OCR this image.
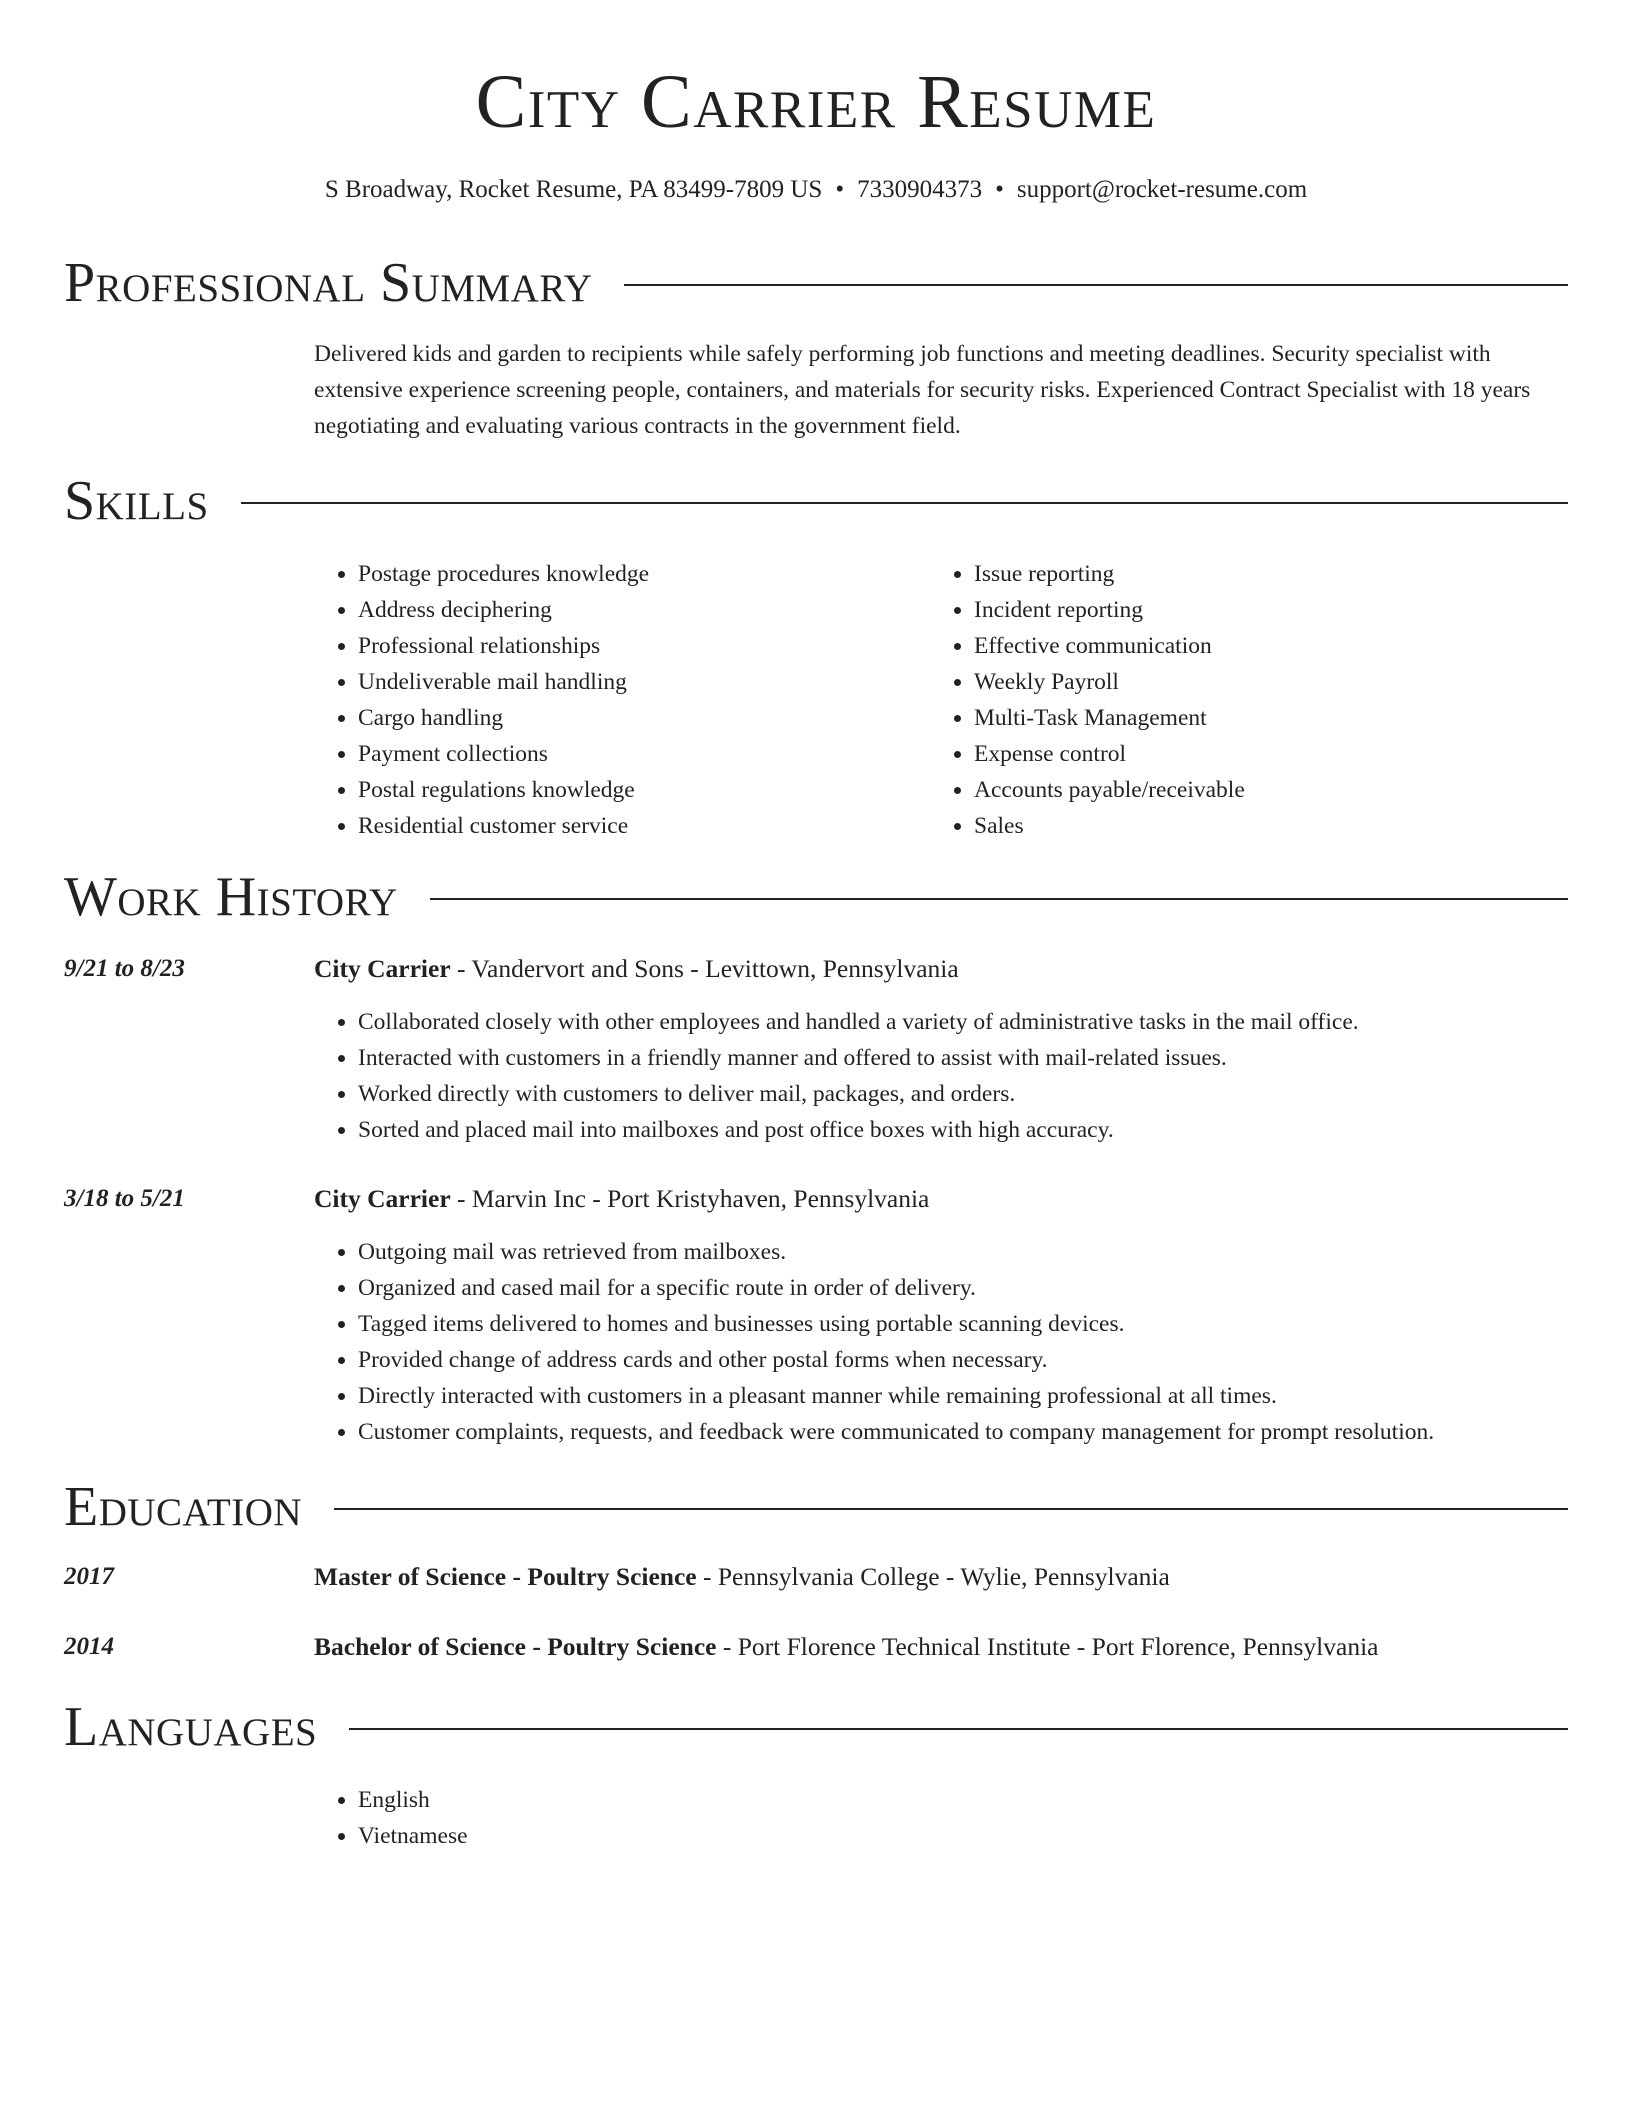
City Carrier Resume
S Broadway, Rocket Resume, PA 83499-7809 US • 7330904373 • support@rocket-resume.com
Professional Summary

Delivered kids and garden to recipients while safely performing job functions and meeting deadlines. Security specialist with extensive experience screening people, containers, and materials for security risks. Experienced Contract Specialist with 18 years negotiating and evaluating various contracts in the government field.

Skills
• Postage procedures knowledge
• Address deciphering
• Professional relationships
• Undeliverable mail handling
• Cargo handling
• Payment collections
• Postal regulations knowledge
• Residential customer service
• Issue reporting
• Incident reporting
• Effective communication
• Weekly Payroll
• Multi-Task Management
• Expense control
• Accounts payable/receivable
• Sales
Work History
9/21 to 8/23	City Carrier - Vandervort and Sons - Levittown, Pennsylvania
• Collaborated closely with other employees and handled a variety of administrative tasks in the mail office.
• Interacted with customers in a friendly manner and offered to assist with mail-related issues.
• Worked directly with customers to deliver mail, packages, and orders.
• Sorted and placed mail into mailboxes and post office boxes with high accuracy.
3/18 to 5/21	City Carrier - Marvin Inc - Port Kristyhaven, Pennsylvania
• Outgoing mail was retrieved from mailboxes.
• Organized and cased mail for a specific route in order of delivery.
• Tagged items delivered to homes and businesses using portable scanning devices.
• Provided change of address cards and other postal forms when necessary.
• Directly interacted with customers in a pleasant manner while remaining professional at all times.
• Customer complaints, requests, and feedback were communicated to company management for prompt resolution.
Education
2017	Master of Science - Poultry Science - Pennsylvania College - Wylie, Pennsylvania
2014	Bachelor of Science - Poultry Science - Port Florence Technical Institute - Port Florence, Pennsylvania
Languages
• English
• Vietnamese
